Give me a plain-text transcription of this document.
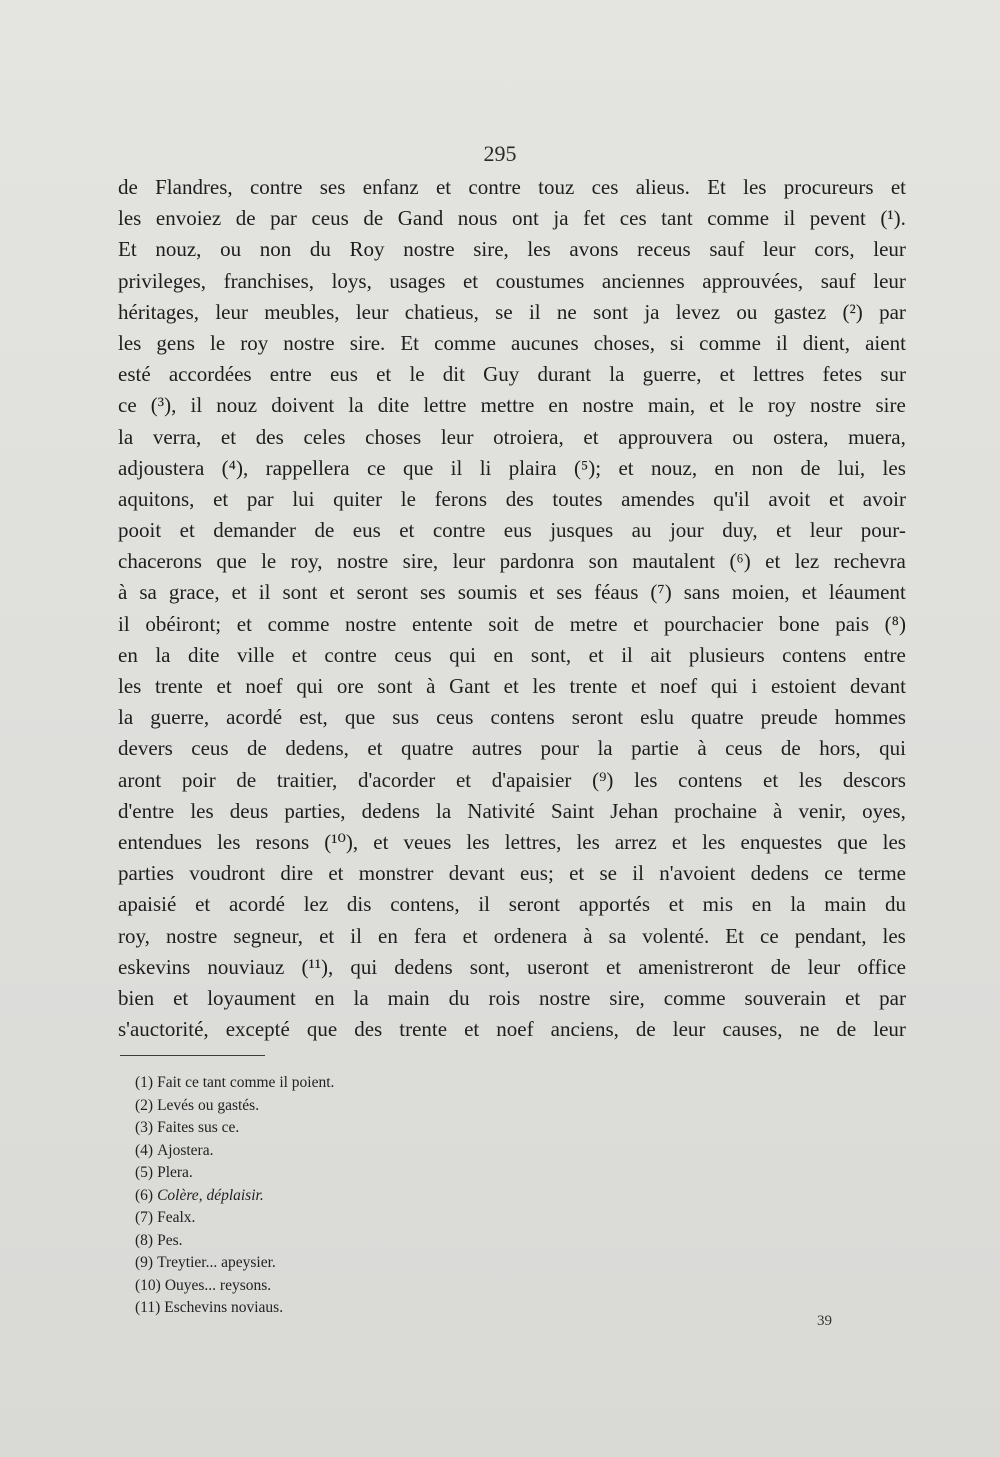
295
de Flandres, contre ses enfanz et contre touz ces alieus. Et les procureurs et
les envoiez de par ceus de Gand nous ont ja fet ces tant comme il pevent (¹).
Et nouz, ou non du Roy nostre sire, les avons receus sauf leur cors, leur
privileges, franchises, loys, usages et coustumes anciennes approuvées, sauf leur
héritages, leur meubles, leur chatieus, se il ne sont ja levez ou gastez (²) par
les gens le roy nostre sire. Et comme aucunes choses, si comme il dient, aient
esté accordées entre eus et le dit Guy durant la guerre, et lettres fetes sur
ce (³), il nouz doivent la dite lettre mettre en nostre main, et le roy nostre sire
la verra, et des celes choses leur otroiera, et approuvera ou ostera, muera,
adjoustera (⁴), rappellera ce que il li plaira (⁵); et nouz, en non de lui, les
aquitons, et par lui quiter le ferons des toutes amendes qu'il avoit et avoir
pooit et demander de eus et contre eus jusques au jour duy, et leur pour-
chacerons que le roy, nostre sire, leur pardonra son mautalent (⁶) et lez rechevra
à sa grace, et il sont et seront ses soumis et ses féaus (⁷) sans moien, et léaument
il obéiront; et comme nostre entente soit de metre et pourchacier bone pais (⁸)
en la dite ville et contre ceus qui en sont, et il ait plusieurs contens entre
les trente et noef qui ore sont à Gant et les trente et noef qui i estoient devant
la guerre, acordé est, que sus ceus contens seront eslu quatre preude hommes
devers ceus de dedens, et quatre autres pour la partie à ceus de hors, qui
aront poir de traitier, d'acorder et d'apaisier (⁹) les contens et les descors
d'entre les deus parties, dedens la Nativité Saint Jehan prochaine à venir, oyes,
entendues les resons (¹⁰), et veues les lettres, les arrez et les enquestes que les
parties voudront dire et monstrer devant eus; et se il n'avoient dedens ce terme
apaisié et acordé lez dis contens, il seront apportés et mis en la main du
roy, nostre segneur, et il en fera et ordenera à sa volenté. Et ce pendant, les
eskevins nouviauz (¹¹), qui dedens sont, useront et amenistreront de leur office
bien et loyaument en la main du rois nostre sire, comme souverain et par
s'auctorité, excepté que des trente et noef anciens, de leur causes, ne de leur
(1) Fait ce tant comme il poient.
(2) Levés ou gastés.
(3) Faites sus ce.
(4) Ajostera.
(5) Plera.
(6) Colère, déplaisir.
(7) Fealx.
(8) Pes.
(9) Treytier... apeysier.
(10) Ouyes... reysons.
(11) Eschevins noviaus.
39
